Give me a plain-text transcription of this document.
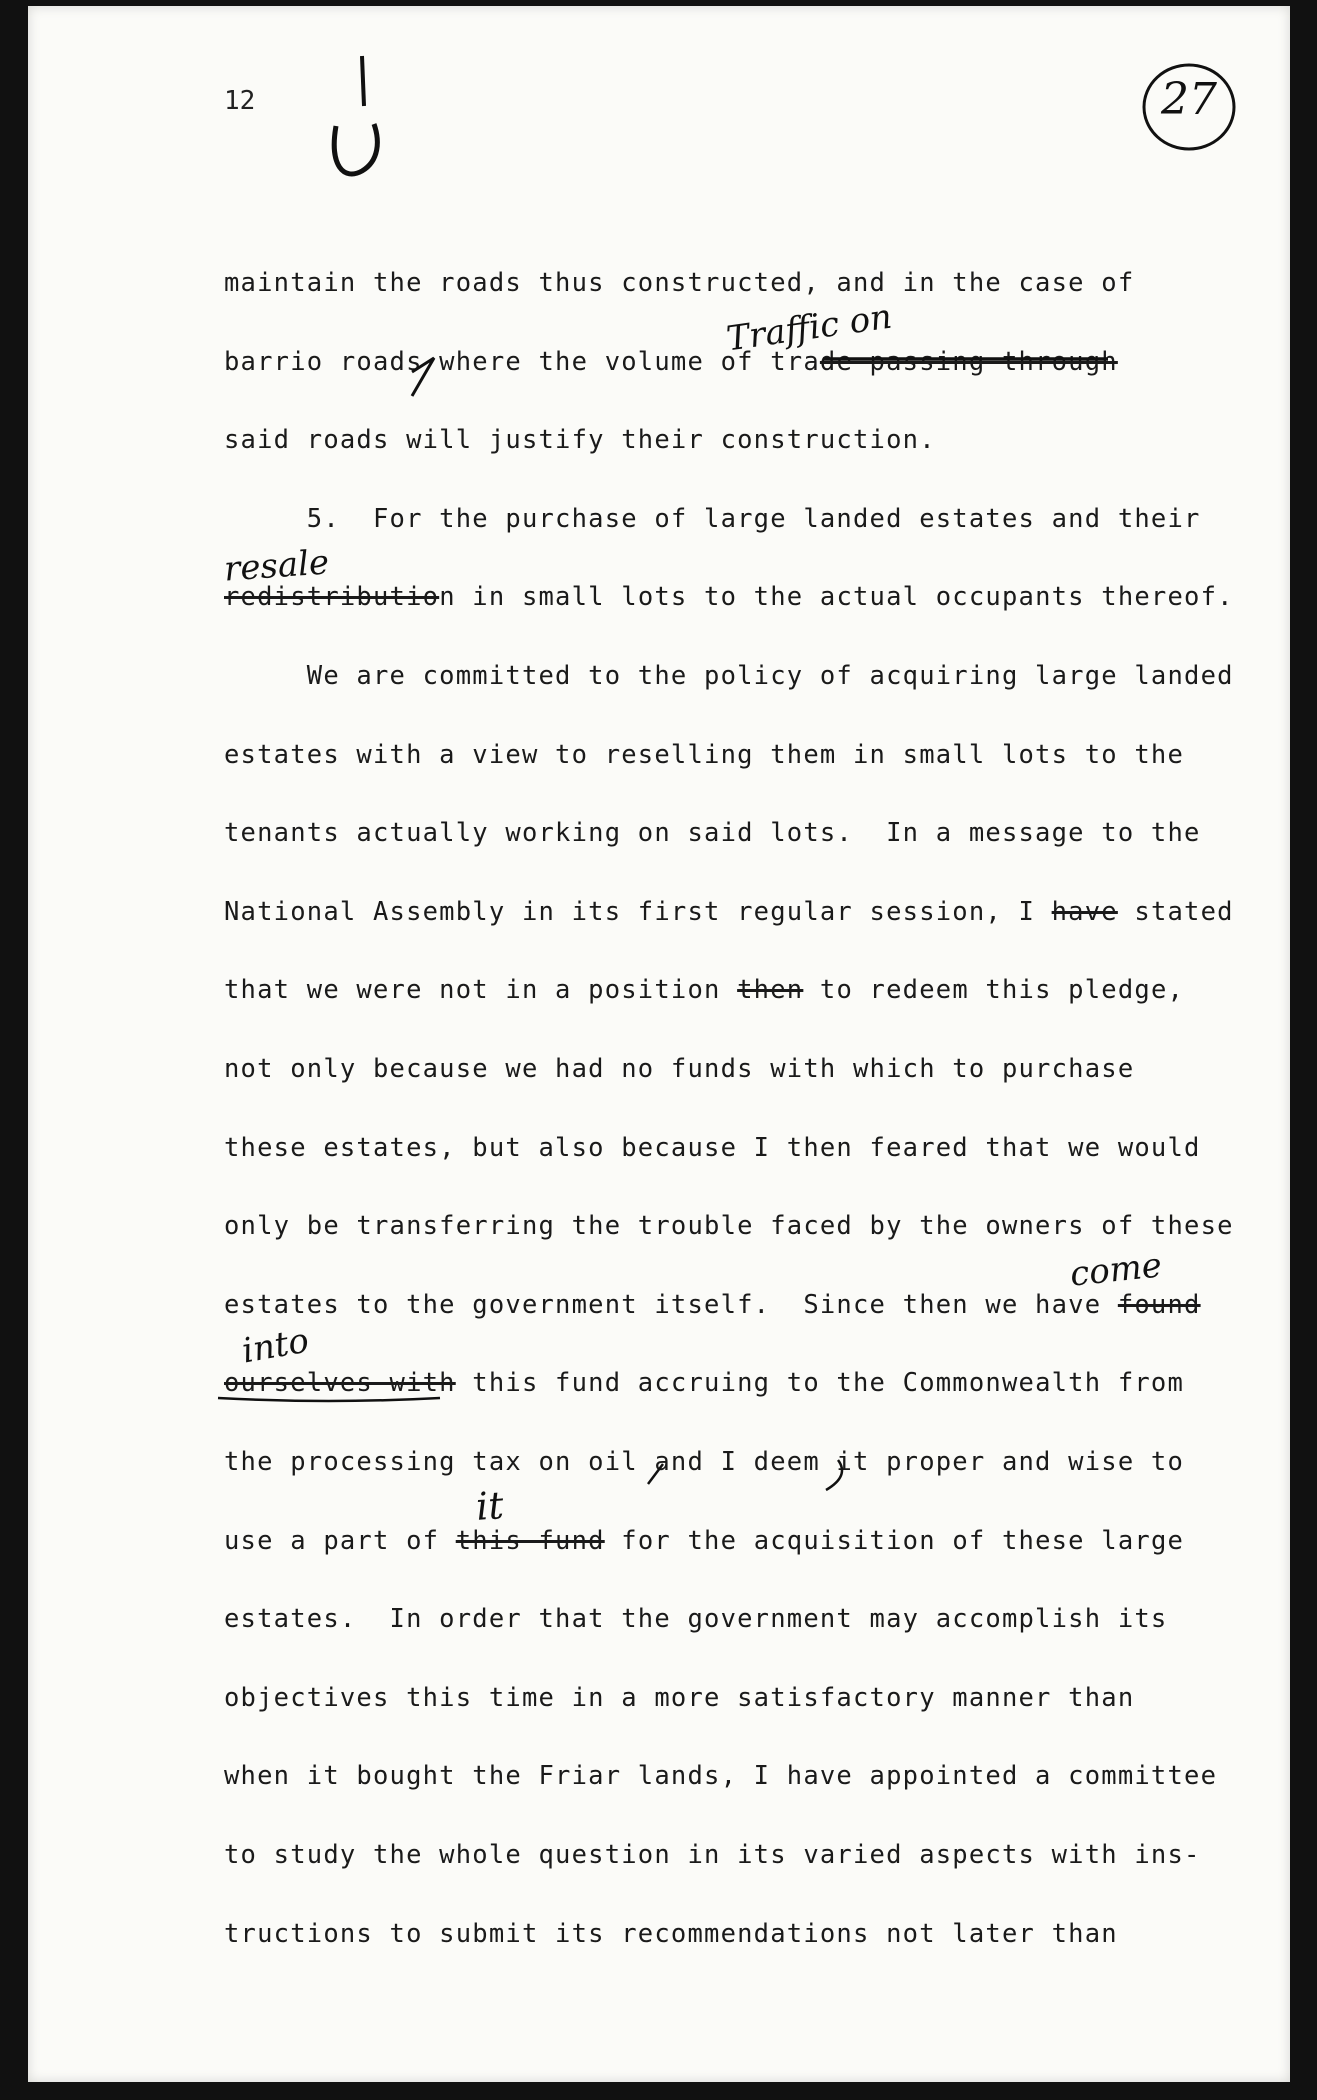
12	27
maintain the roads thus constructed, and in the case of
barrio roads where the volume of trade passing through
said roads will justify their construction.
5.  For the purchase of large landed estates and their
redistribution in small lots to the actual occupants thereof.
We are committed to the policy of acquiring large landed
estates with a view to reselling them in small lots to the
tenants actually working on said lots.  In a message to the
National Assembly in its first regular session, I have stated
that we were not in a position then to redeem this pledge,
not only because we had no funds with which to purchase
these estates, but also because I then feared that we would
only be transferring the trouble faced by the owners of these
estates to the government itself.  Since then we have found
ourselves with this fund accruing to the Commonwealth from
the processing tax on oil and I deem it proper and wise to
use a part of this fund for the acquisition of these large
estates.  In order that the government may accomplish its
objectives this time in a more satisfactory manner than
when it bought the Friar lands, I have appointed a committee
to study the whole question in its varied aspects with ins-
tructions to submit its recommendations not later than
Traffic on
resale
come
into
it
